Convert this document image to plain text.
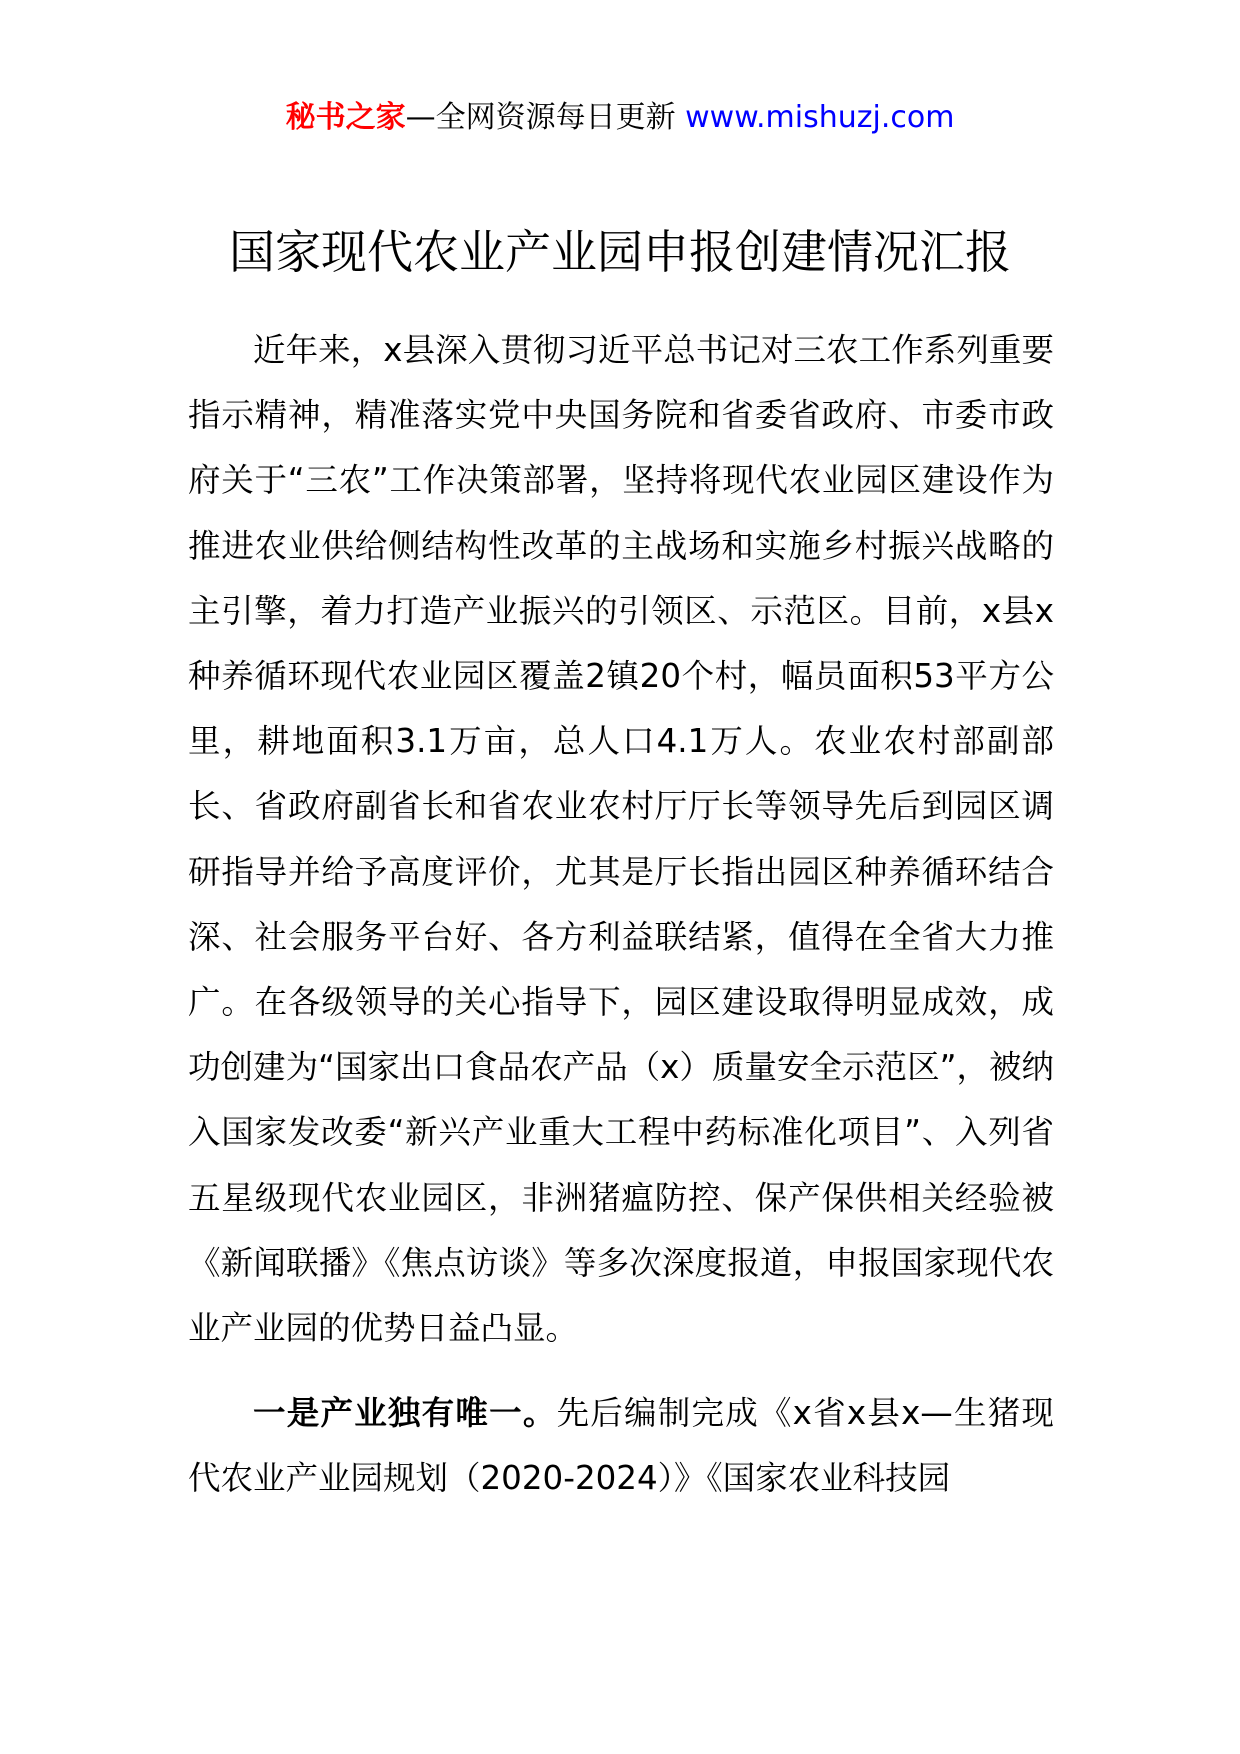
秘书之家—全网资源每日更新 www.mishuzj.com
国家现代农业产业园申报创建情况汇报

近年来，x县深入贯彻习近平总书记对三农工作系列重要指示精神，精准落实党中央国务院和省委省政府、市委市政府关于“三农”工作决策部署，坚持将现代农业园区建设作为推进农业供给侧结构性改革的主战场和实施乡村振兴战略的主引擎，着力打造产业振兴的引领区、示范区。目前，x县x种养循环现代农业园区覆盖2镇20个村，幅员面积53平方公里，耕地面积3.1万亩，总人口4.1万人。农业农村部副部长、省政府副省长和省农业农村厅厅长等领导先后到园区调研指导并给予高度评价，尤其是厅长指出园区种养循环结合深、社会服务平台好、各方利益联结紧，值得在全省大力推广。在各级领导的关心指导下，园区建设取得明显成效，成功创建为“国家出口食品农产品（x）质量安全示范区”，被纳入国家发改委“新兴产业重大工程中药标准化项目”、入列省五星级现代农业园区，非洲猪瘟防控、保产保供相关经验被《新闻联播》《焦点访谈》等多次深度报道，申报国家现代农业产业园的优势日益凸显。

一是产业独有唯一。先后编制完成《x省x县x—生猪现代农业产业园规划（2020-2024）》《国家农业科技园
